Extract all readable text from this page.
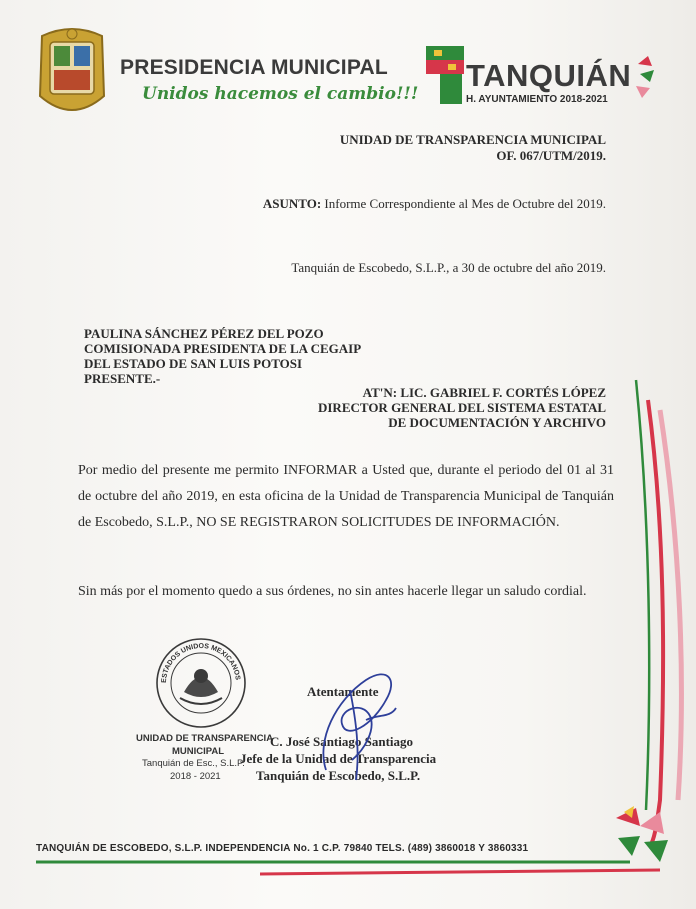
PRESIDENCIA MUNICIPAL
Unidos hacemos el cambio!!!
TANQUIÁN
H. AYUNTAMIENTO 2018-2021
UNIDAD DE TRANSPARENCIA MUNICIPAL
OF. 067/UTM/2019.
ASUNTO: Informe Correspondiente al Mes de Octubre del 2019.
Tanquián de Escobedo, S.L.P., a 30 de octubre del año 2019.
PAULINA SÁNCHEZ PÉREZ DEL POZO
COMISIONADA PRESIDENTA DE LA CEGAIP
DEL ESTADO DE SAN LUIS POTOSI
PRESENTE.-
AT'N: LIC. GABRIEL F. CORTÉS LÓPEZ
DIRECTOR GENERAL DEL SISTEMA ESTATAL
DE DOCUMENTACIÓN Y ARCHIVO
Por medio del presente me permito INFORMAR a Usted que, durante el periodo del 01 al 31 de octubre del año 2019, en esta oficina de la Unidad de Transparencia Municipal de Tanquián de Escobedo, S.L.P., NO SE REGISTRARON SOLICITUDES DE INFORMACIÓN.
Sin más por el momento quedo a sus órdenes, no sin antes hacerle llegar un saludo cordial.
ESTADOS UNIDOS MEXICANOS
UNIDAD DE TRANSPARENCIA
MUNICIPAL
Tanquián de Esc., S.L.P.
2018 - 2021
Atentamente
C. José Santiago Santiago
Jefe de la Unidad de Transparencia
Tanquián de Escobedo, S.L.P.
TANQUIÁN DE ESCOBEDO, S.L.P. INDEPENDENCIA No. 1 C.P. 79840 TELS. (489) 3860018 Y 3860331
